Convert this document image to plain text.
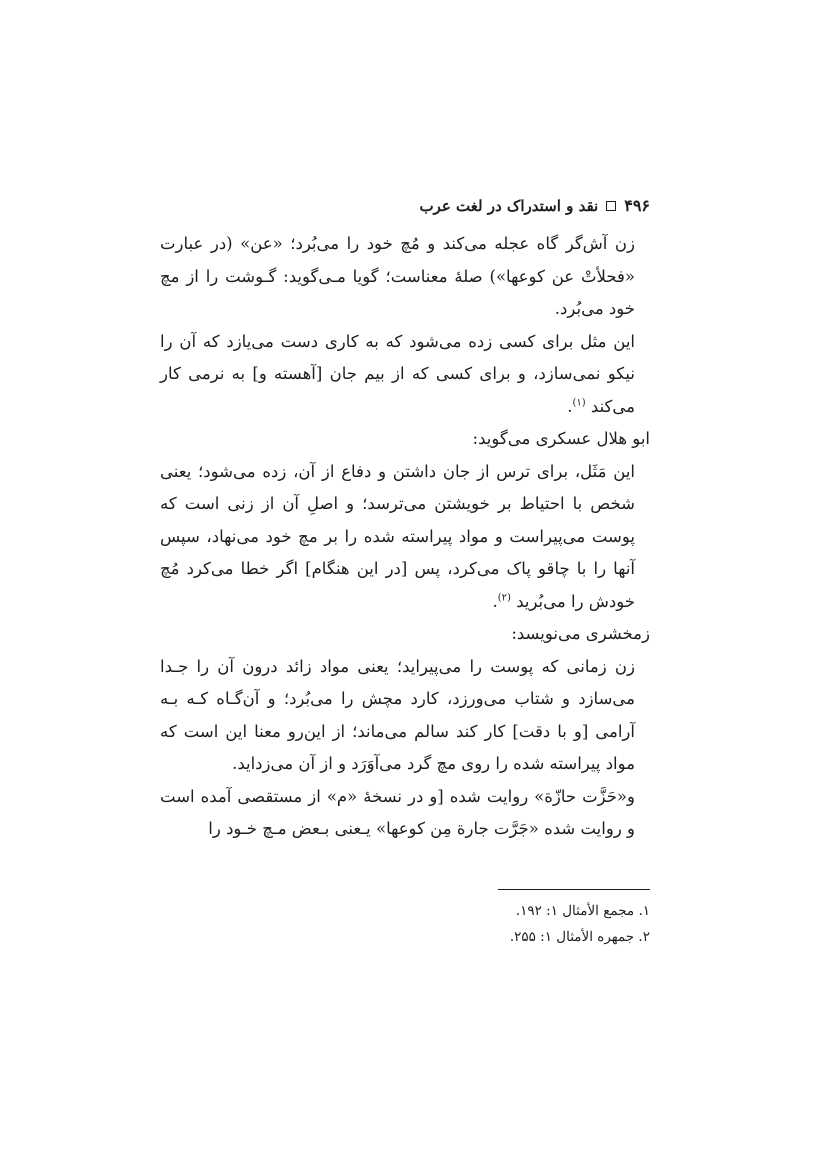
۴۹۶
نقد و استدراک در لغت عرب

زن آش‌گر گاه عجله می‌کند و مُچ خود را می‌بُرد؛ «عن» (در عبارت «فحلأتْ عن کوعها») صلهٔ معناست؛ گویا مـی‌گوید: گـوشت را از مچ خود می‌بُرد.

این مثل برای کسی زده می‌شود که به کاری دست می‌یازد که آن را نیکو نمی‌سازد، و برای کسی که از بیم جان [آهسته و] به نرمی کار می‌کند $^{(۱)}$.

ابو هلال عسکری می‌گوید:

این مَثَل، برای ترس از جان داشتن و دفاع از آن، زده می‌شود؛ یعنی شخص با احتیاط بر خویشتن می‌ترسد؛ و اصلِ آن از زنی است که پوست می‌پیراست و مواد پیراسته شده را بر مچ خود می‌نهاد، سپس آنها را با چاقو پاک می‌کرد، پس [در این هنگام] اگر خطا می‌کرد مُچ خودش را می‌بُرید $^{(۲)}$.

زمخشری می‌نویسد:

زن زمانی که پوست را می‌پیراید؛ یعنی مواد زائد درون آن را جـدا می‌سازد و شتاب می‌ورزد، کارد مچش را می‌بُرد؛ و آن‌گـاه کـه بـه آرامی [و با دقت] کار کند سالم می‌ماند؛ از این‌رو معنا این است که مواد پیراسته شده را روی مچ گرد می‌آوَرَد و از آن می‌زداید.

و«حَزَّت حازّة» روایت شده [و در نسخهٔ «م» از مستقصی آمده است و روایت شده «جَرَّت جارة مِن کوعها» یـعنی بـعض مـچ خـود را

۱. مجمع الأمثال ۱: ۱۹۲.

۲. جمهره الأمثال ۱: ۲۵۵.
